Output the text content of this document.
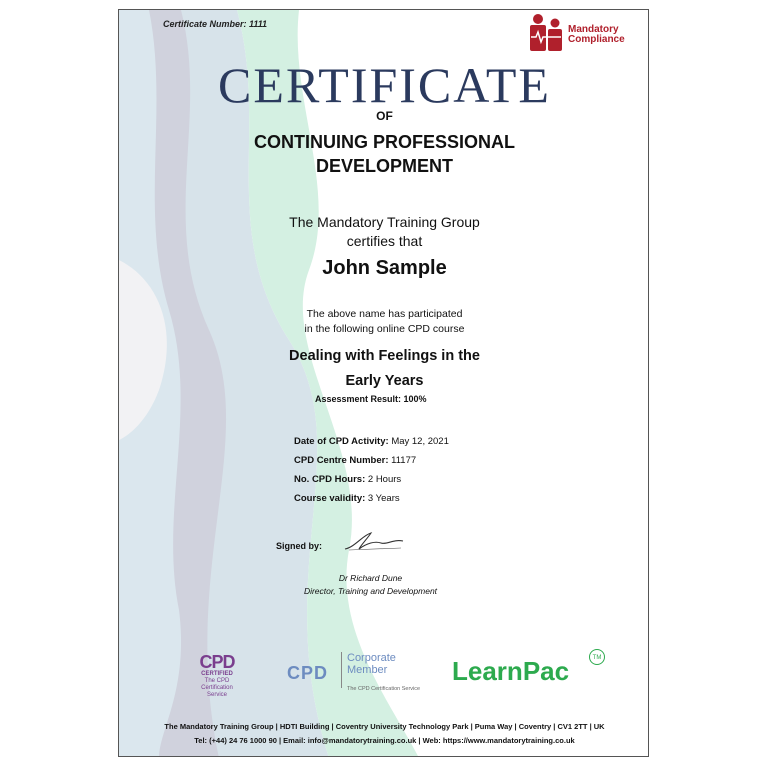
Certificate Number: 1111	Mandatory
Compliance
CERTIFICATE
OF
CONTINUING PROFESSIONAL
DEVELOPMENT
The Mandatory Training Group
certifies that
John Sample
The above name has participated
in the following online CPD course
Dealing with Feelings in the
Early Years
Assessment Result: 100%
Date of CPD Activity: May 12, 2021
CPD Centre Number: 11177
No. CPD Hours: 2 Hours
Course validity: 3 Years
Signed by:
Dr Richard Dune
Director, Training and Development
CPD
CERTIFIED
The CPD Certification
Service
CPD
Corporate
Member
The CPD Certification Service
LearnPac	TM
The Mandatory Training Group | HDTI Building | Coventry University Technology Park | Puma Way | Coventry | CV1 2TT | UK
Tel: (+44) 24 76 1000 90 | Email: info@mandatorytraining.co.uk | Web: https://www.mandatorytraining.co.uk
